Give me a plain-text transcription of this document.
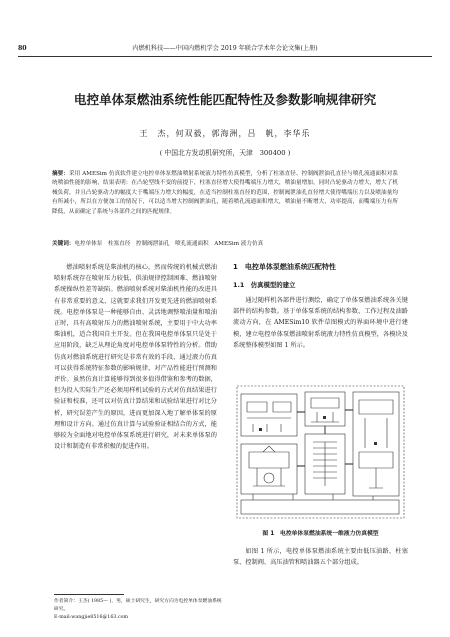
80	内燃机科技——中国内燃机学会 2019 年联合学术年会论文集(上册)
电控单体泵燃油系统性能匹配特性及参数影响规律研究
王　杰，何双毅，郭海洲，吕　帆，李华乐
( 中国北方发动机研究所，天津　300400 )
摘要：采用 AMESim 仿真软件建立电控单体泵燃油喷射系统液力特性仿真模型，分析了柱塞直径、控制阀泄油孔直径与喷孔流通面积对系统喷油性能的影响，结果表明：在凸轮型线不变的前提下，柱塞直径增大使得嘴端压力增大，喷油量增加，同时凸轮驱动力增大，增大了机械负荷，并且凸轮驱动力的幅度大于嘴端压力增大的幅度，在适当控制柱塞直径的范围，控制阀泄油孔直径增大使得嘴端压力以及喷油量均有所减小，所以在方便加工的情况下，可以适当增大控制阀泄油孔，随着喷孔流通面积增大，喷油量不断增大，功率提高，而嘴端压力有所降低，从而确定了系统与各部件之间的匹配规律。
关键词：电控单体泵　柱塞直径　控制阀泄油孔　喷孔流通面积　AMESim 液力仿真
燃油喷射系统是柴油机的核心，然而传统的机械式燃油喷射系统存在喷射压力较低、供油规律控制困难、燃油喷射系统操纵性差等缺陷。燃油喷射系统对柴油机性能的改进具有非常重要的意义，这就要求我们开发更先进的燃油喷射系统。电控单体泵是一种能够自由、灵活地调整喷油量和喷油正时，具有高喷射压力的燃油喷射系统，主要用于中大功率柴油机，适合我国自主开发。但在我国电控单体泵只是处于应用阶段，缺乏从理论角度对电控单体泵特性的分析。借助仿真对燃油系统进行研究是非常有效的手段，通过液力仿真可以获得系统特征参数的影响规律，对产品性能进行预测和评价。虽然仿真计算能够得到很多值得借鉴和参考的数据，但为投入实际生产还必须用样机试验的方式对仿真结果进行验证和校准，还可以对仿真计算结果和试验结果进行对比分析，研究误差产生的原因，进而更加深入地了解单体泵的原理和设计方向。通过仿真计算与试验验证相结合的方式，能够较为全面地对电控单体泵系统进行研究，对未来单体泵的设计和制造有非常积极的促进作用。
1　电控单体泵燃油系统匹配特性
1.1　仿真模型的建立
通过随样机各部件进行测绘，确定了单体泵燃油系统各关键部件的结构参数。基于单体泵系统的结构参数、工作过程及油路流动方向，在 AMESim10 软件草图模式的界面环境中进行建模，建立电控单体泵燃油喷射系统液力特性仿真模型，各模块及系统整体模型如图 1 所示。
图 1　电控单体泵燃油系统一维液力仿真模型
如图 1 所示，电控单体泵燃油系统主要由低压油路、柱塞泵、控制阀、高压油管和喷油器五个部分组成。
作者简介：王杰( 1985— )，男，硕士研究生，研究方向为电控单体泵燃油系统研究。
E-mail:wangjie8516@163.com
